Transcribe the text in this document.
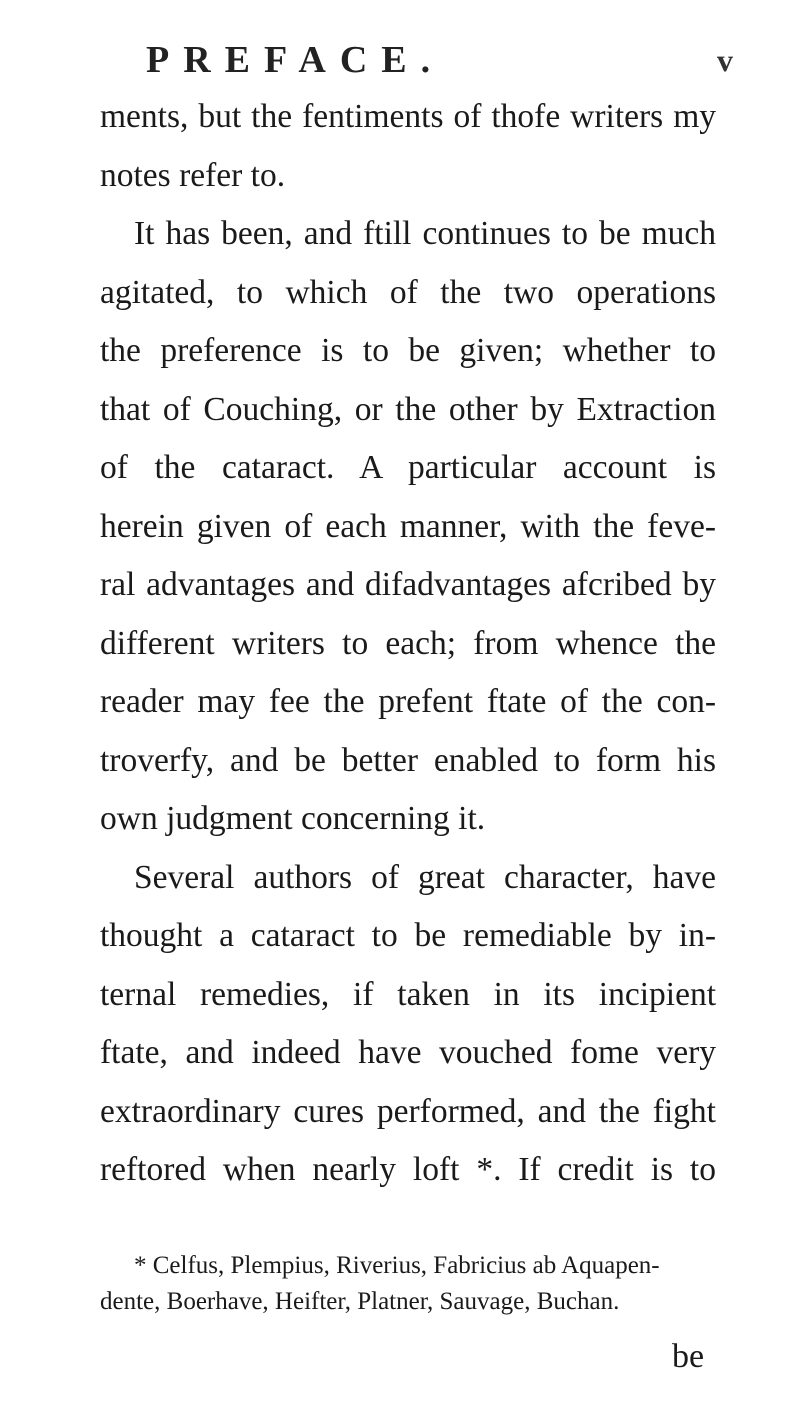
PREFACE.	v
ments, but the fentiments of thofe writers my
notes refer to.
It has been, and ftill continues to be much
agitated, to which of the two operations
the preference is to be given; whether to
that of Couching, or the other by Extraction
of the cataract. A particular account is
herein given of each manner, with the feve-
ral advantages and difadvantages afcribed by
different writers to each; from whence the
reader may fee the prefent ftate of the con-
troverfy, and be better enabled to form his
own judgment concerning it.
Several authors of great character, have
thought a cataract to be remediable by in-
ternal remedies, if taken in its incipient
ftate, and indeed have vouched fome very
extraordinary cures performed, and the fight
reftored when nearly loft *. If credit is to
* Celfus, Plempius, Riverius, Fabricius ab Aquapen-
dente, Boerhave, Heifter, Platner, Sauvage, Buchan.
be
